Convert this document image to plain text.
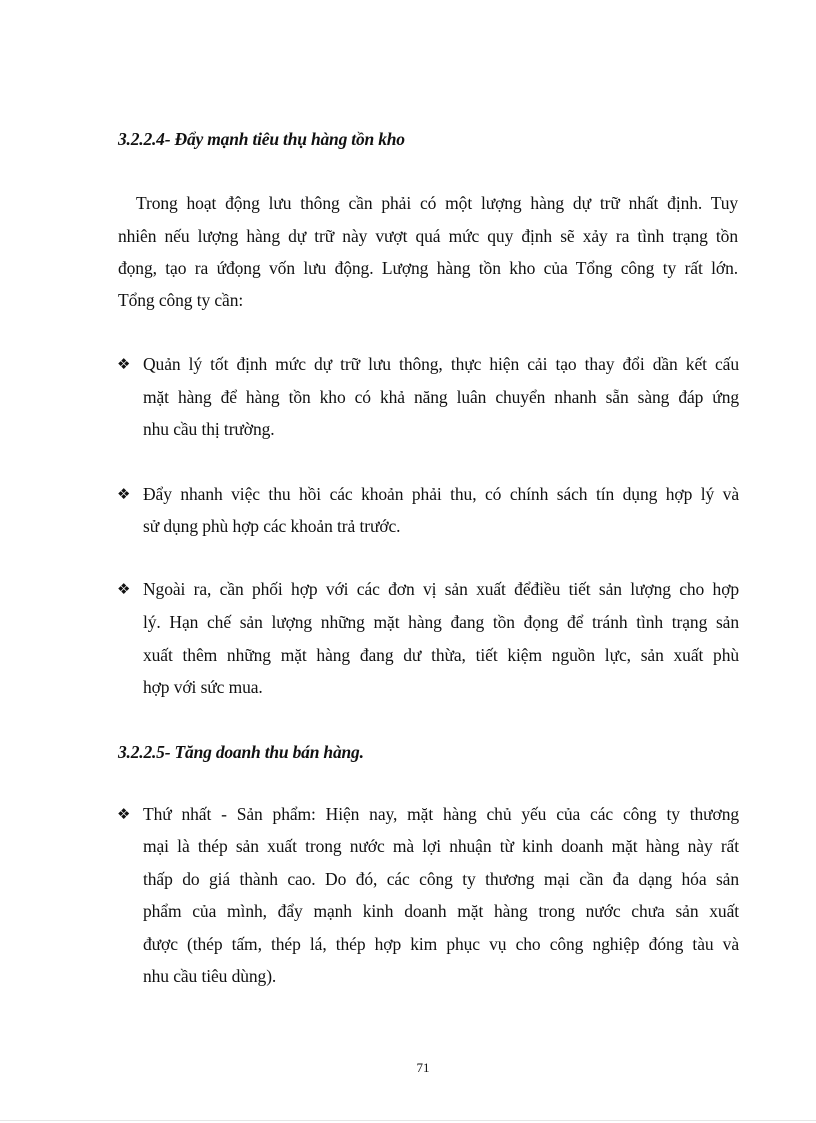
3.2.2.4- Đẩy mạnh tiêu thụ hàng tồn kho
Trong hoạt động lưu thông cần phải có một lượng hàng dự trữ nhất định. Tuy
nhiên nếu lượng hàng dự trữ này vượt quá mức quy định sẽ xảy ra tình trạng tồn
đọng, tạo ra ứđọng vốn lưu động. Lượng hàng tồn kho của Tổng công ty rất lớn.
Tổng công ty cần:
❖ Quản lý tốt định mức dự trữ lưu thông, thực hiện cải tạo thay đổi dần kết cấu
mặt hàng để hàng tồn kho có khả năng luân chuyển nhanh sẵn sàng đáp ứng
nhu cầu thị trường.
❖ Đẩy nhanh việc thu hồi các khoản phải thu, có chính sách tín dụng hợp lý và
sử dụng phù hợp các khoản trả trước.
❖ Ngoài ra, cần phối hợp với các đơn vị sản xuất đểđiều tiết sản lượng cho hợp
lý. Hạn chế sản lượng những mặt hàng đang tồn đọng để tránh tình trạng sản
xuất thêm những mặt hàng đang dư thừa, tiết kiệm nguồn lực, sản xuất phù
hợp với sức mua.
3.2.2.5- Tăng doanh thu bán hàng.
❖ Thứ nhất - Sản phẩm: Hiện nay, mặt hàng chủ yếu của các công ty thương
mại là thép sản xuất trong nước mà lợi nhuận từ kinh doanh mặt hàng này rất
thấp do giá thành cao. Do đó, các công ty thương mại cần đa dạng hóa sản
phẩm của mình, đẩy mạnh kinh doanh mặt hàng trong nước chưa sản xuất
được (thép tấm, thép lá, thép hợp kim phục vụ cho công nghiệp đóng tàu và
nhu cầu tiêu dùng).
71
